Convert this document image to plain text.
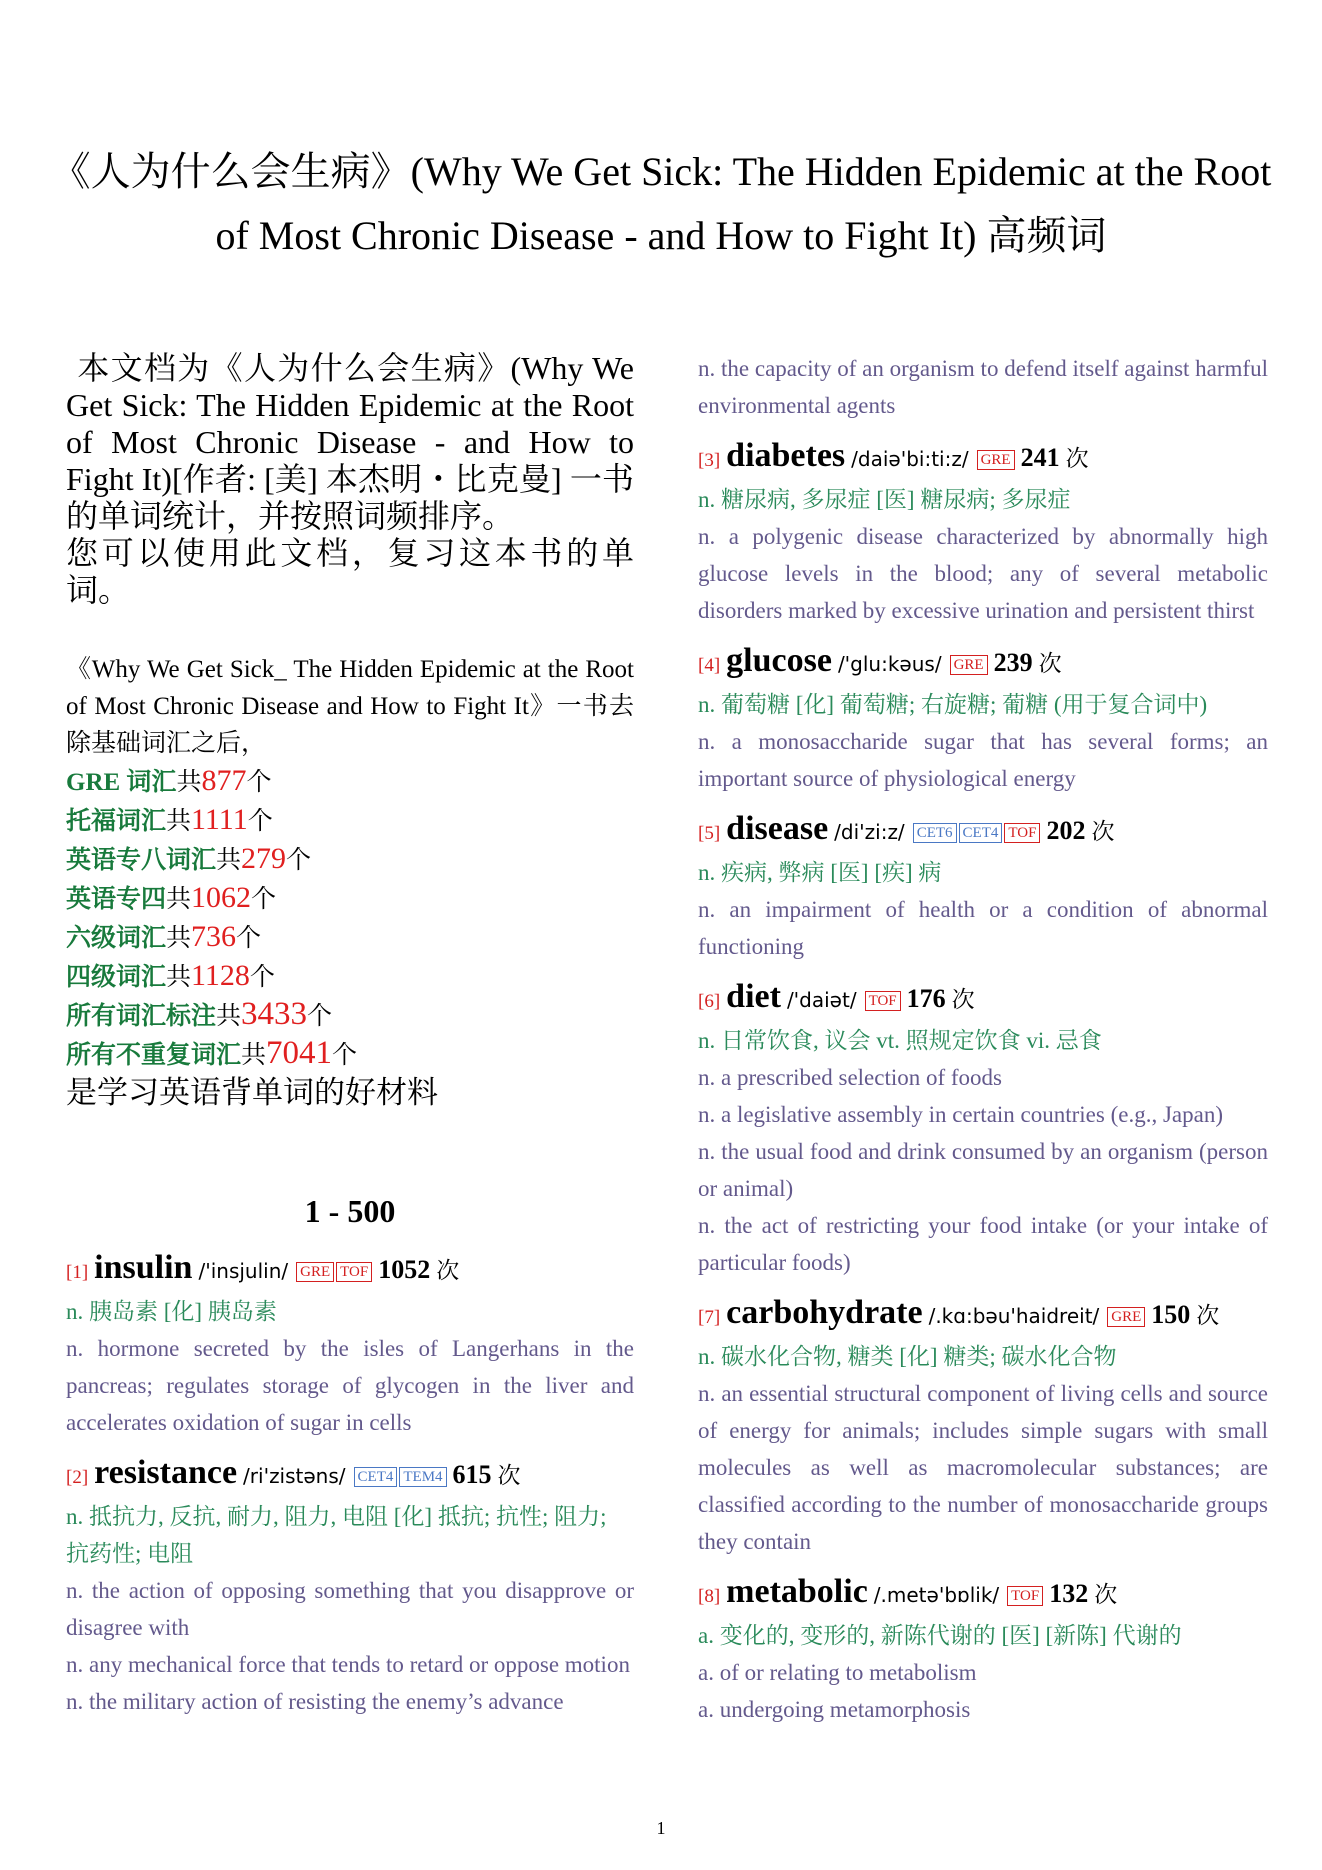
《人为什么会生病》(Why We Get Sick: The Hidden Epidemic at the Root of Most Chronic Disease - and How to Fight It) 高频词

本文档为《人为什么会生病》(Why We Get Sick: The Hidden Epidemic at the Root of Most Chronic Disease - and How to Fight It)[作者: [美] 本杰明・比克曼] 一书的单词统计，并按照词频排序。
您可以使用此文档，复习这本书的单词。

《Why We Get Sick_ The Hidden Epidemic at the Root of Most Chronic Disease and How to Fight It》一书去除基础词汇之后，
GRE 词汇共877个
托福词汇共1111个
英语专八词汇共279个
英语专四共1062个
六级词汇共736个
四级词汇共1128个
所有词汇标注共3433个
所有不重复词汇共7041个
是学习英语背单词的好材料
1 - 500
[1] insulin /'insjulin/ GRE TOF 1052 次
n. 胰岛素 [化] 胰岛素
n. hormone secreted by the isles of Langerhans in the pancreas; regulates storage of glycogen in the liver and accelerates oxidation of sugar in cells
[2] resistance /ri'zistəns/ CET4 TEM4 615 次
n. 抵抗力, 反抗, 耐力, 阻力, 电阻 [化] 抵抗; 抗性; 阻力; 抗药性; 电阻
n. the action of opposing something that you disapprove or disagree with
n. any mechanical force that tends to retard or oppose motion
n. the military action of resisting the enemy’s advance
n. the capacity of an organism to defend itself against harmful environmental agents
[3] diabetes /daiə'bi:ti:z/ GRE 241 次
n. 糖尿病, 多尿症 [医] 糖尿病; 多尿症
n. a polygenic disease characterized by abnormally high glucose levels in the blood; any of several metabolic disorders marked by excessive urination and persistent thirst
[4] glucose /'glu:kəus/ GRE 239 次
n. 葡萄糖 [化] 葡萄糖; 右旋糖; 葡糖 (用于复合词中)
n. a monosaccharide sugar that has several forms; an important source of physiological energy
[5] disease /di'zi:z/ CET6 CET4 TOF 202 次
n. 疾病, 弊病 [医] [疾] 病
n. an impairment of health or a condition of abnormal functioning
[6] diet /'daiət/ TOF 176 次
n. 日常饮食, 议会 vt. 照规定饮食 vi. 忌食
n. a prescribed selection of foods
n. a legislative assembly in certain countries (e.g., Japan)
n. the usual food and drink consumed by an organism (person or animal)
n. the act of restricting your food intake (or your intake of particular foods)
[7] carbohydrate /.kɑ:bəu'haidreit/ GRE 150 次
n. 碳水化合物, 糖类 [化] 糖类; 碳水化合物
n. an essential structural component of living cells and source of energy for animals; includes simple sugars with small molecules as well as macromolecular substances; are classified according to the number of monosaccharide groups they contain
[8] metabolic /.metə'bɒlik/ TOF 132 次
a. 变化的, 变形的, 新陈代谢的 [医] [新陈] 代谢的
a. of or relating to metabolism
a. undergoing metamorphosis
1
